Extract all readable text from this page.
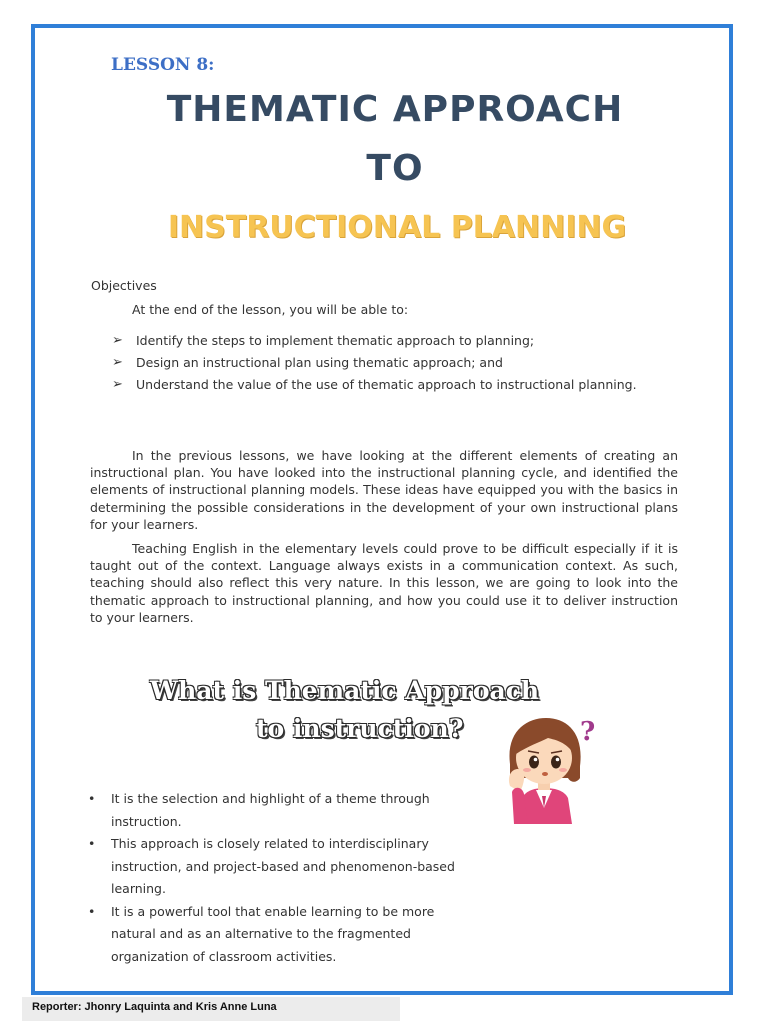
LESSON 8:
THEMATIC APPROACH
TO
INSTRUCTIONAL PLANNING
Objectives
At the end of the lesson, you will be able to:
➢ Identify the steps to implement thematic approach to planning;
➢ Design an instructional plan using thematic approach; and
➢ Understand the value of the use of thematic approach to instructional planning.
In the previous lessons, we have looking at the different elements of creating an instructional plan. You have looked into the instructional planning cycle, and identified the elements of instructional planning models. These ideas have equipped you with the basics in determining the possible considerations in the development of your own instructional plans for your learners.
Teaching English in the elementary levels could prove to be difficult especially if it is taught out of the context. Language always exists in a communication context. As such, teaching should also reflect this very nature. In this lesson, we are going to look into the thematic approach to instructional planning, and how you could use it to deliver instruction to your learners.
What is Thematic Approach
to instruction?	?
• It is the selection and highlight of a theme through instruction.
• This approach is closely related to interdisciplinary instruction, and project-based and phenomenon-based learning.
• It is a powerful tool that enable learning to be more natural and as an alternative to the fragmented organization of classroom activities.
Reporter: Jhonry Laquinta and Kris Anne Luna
